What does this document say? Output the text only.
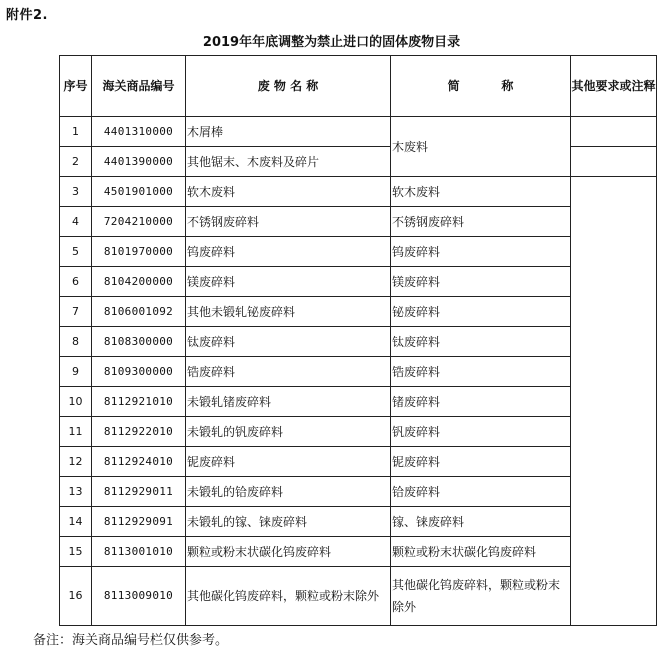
附件2.
2019年年底调整为禁止进口的固体废物目录
序号	海关商品编号	废 物 名 称	简          称	其他要求或注释
1	4401310000	木屑棒	木废料	
2	4401390000	其他锯末、木废料及碎片		
3	4501901000	软木废料	软木废料	
4	7204210000	不锈钢废碎料	不锈钢废碎料	
5	8101970000	钨废碎料	钨废碎料	
6	8104200000	镁废碎料	镁废碎料	
7	8106001092	其他未锻轧铋废碎料	铋废碎料	
8	8108300000	钛废碎料	钛废碎料	
9	8109300000	锆废碎料	锆废碎料	
10	8112921010	未锻轧锗废碎料	锗废碎料	
11	8112922010	未锻轧的钒废碎料	钒废碎料	
12	8112924010	铌废碎料	铌废碎料	
13	8112929011	未锻轧的铪废碎料	铪废碎料	
14	8112929091	未锻轧的镓、铼废碎料	镓、铼废碎料	
15	8113001010	颗粒或粉末状碳化钨废碎料	颗粒或粉末状碳化钨废碎料	
16	8113009010	其他碳化钨废碎料，颗粒或粉末除外	其他碳化钨废碎料，颗粒或粉末除外	
备注：海关商品编号栏仅供参考。
